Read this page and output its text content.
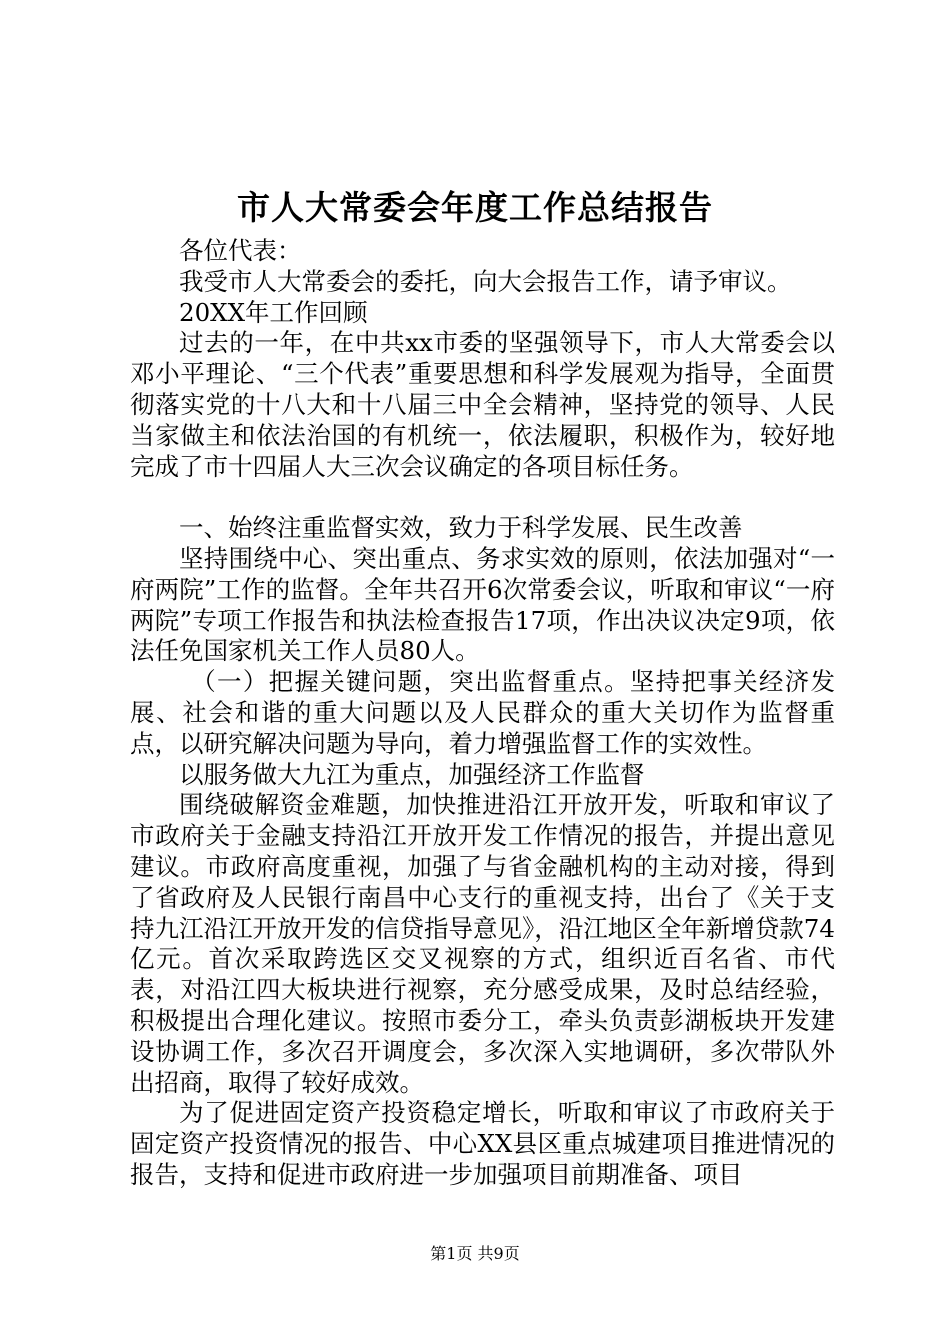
市人大常委会年度工作总结报告

各位代表：

我受市人大常委会的委托，向大会报告工作，请予审议。

20XX年工作回顾

过去的一年，在中共xx市委的坚强领导下，市人大常委会以邓小平理论、“三个代表”重要思想和科学发展观为指导，全面贯彻落实党的十八大和十八届三中全会精神，坚持党的领导、人民当家做主和依法治国的有机统一，依法履职，积极作为，较好地完成了市十四届人大三次会议确定的各项目标任务。

一、始终注重监督实效，致力于科学发展、民生改善

坚持围绕中心、突出重点、务求实效的原则，依法加强对“一府两院”工作的监督。全年共召开6次常委会议，听取和审议“一府两院”专项工作报告和执法检查报告17项，作出决议决定9项，依法任免国家机关工作人员80人。

（一）把握关键问题，突出监督重点。坚持把事关经济发展、社会和谐的重大问题以及人民群众的重大关切作为监督重点，以研究解决问题为导向，着力增强监督工作的实效性。

以服务做大九江为重点，加强经济工作监督

围绕破解资金难题，加快推进沿江开放开发，听取和审议了市政府关于金融支持沿江开放开发工作情况的报告，并提出意见建议。市政府高度重视，加强了与省金融机构的主动对接，得到了省政府及人民银行南昌中心支行的重视支持，出台了《关于支持九江沿江开放开发的信贷指导意见》，沿江地区全年新增贷款74亿元。首次采取跨选区交叉视察的方式，组织近百名省、市代表，对沿江四大板块进行视察，充分感受成果，及时总结经验，积极提出合理化建议。按照市委分工，牵头负责彭湖板块开发建设协调工作，多次召开调度会，多次深入实地调研，多次带队外出招商，取得了较好成效。

为了促进固定资产投资稳定增长，听取和审议了市政府关于固定资产投资情况的报告、中心XX县区重点城建项目推进情况的报告，支持和促进市政府进一步加强项目前期准备、项目

第1页 共9页
